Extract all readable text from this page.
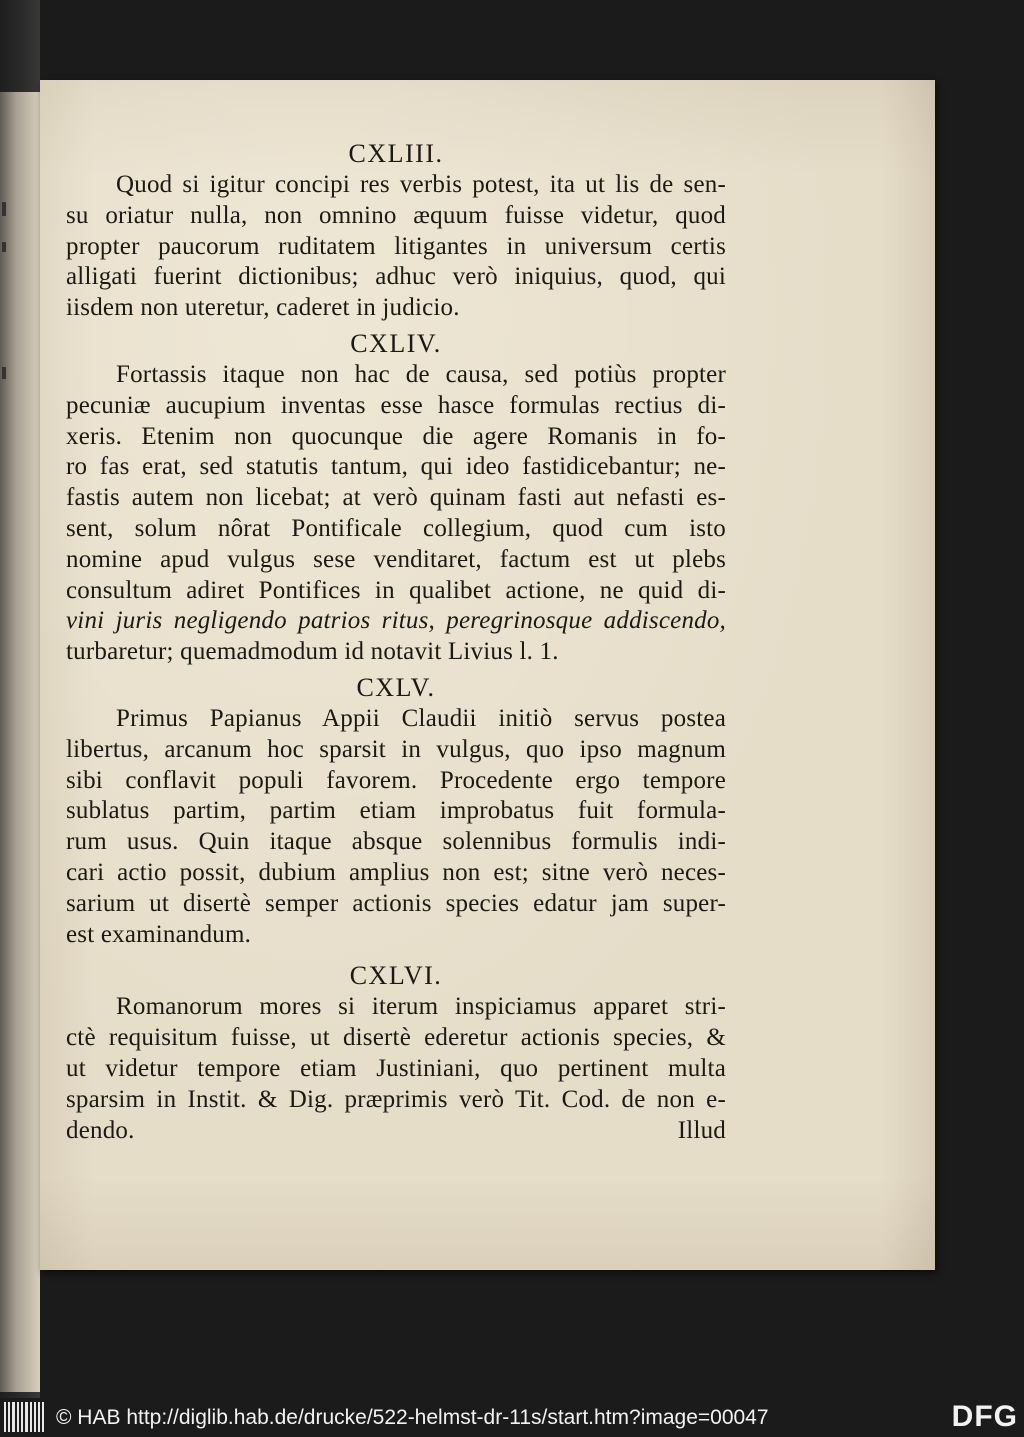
CXLIII.
Quod si igitur concipi res verbis potest, ita ut lis de sen-
su oriatur nulla, non omnino æquum fuisse videtur, quod
propter paucorum ruditatem litigantes in universum certis
alligati fuerint dictionibus; adhuc verò iniquius, quod, qui
iisdem non uteretur, caderet in judicio.
CXLIV.
Fortassis itaque non hac de causa, sed potiùs propter
pecuniæ aucupium inventas esse hasce formulas rectius di-
xeris. Etenim non quocunque die agere Romanis in fo-
ro fas erat, sed statutis tantum, qui ideo fastidicebantur; ne-
fastis autem non licebat; at verò quinam fasti aut nefasti es-
sent, solum nôrat Pontificale collegium, quod cum isto
nomine apud vulgus sese venditaret, factum est ut plebs
consultum adiret Pontifices in qualibet actione, ne quid di-
vini juris negligendo patrios ritus, peregrinosque addiscendo,
turbaretur; quemadmodum id notavit Livius l. 1.
CXLV.
Primus Papianus Appii Claudii initiò servus postea
libertus, arcanum hoc sparsit in vulgus, quo ipso magnum
sibi conflavit populi favorem. Procedente ergo tempore
sublatus partim, partim etiam improbatus fuit formula-
rum usus. Quin itaque absque solennibus formulis indi-
cari actio possit, dubium amplius non est; sitne verò neces-
sarium ut disertè semper actionis species edatur jam super-
est examinandum.
CXLVI.
Romanorum mores si iterum inspiciamus apparet stri-
ctè requisitum fuisse, ut disertè ederetur actionis species, &
ut videtur tempore etiam Justiniani, quo pertinent multa
sparsim in Instit. & Dig. præprimis verò Tit. Cod. de non e-
dendo.	Illud
© HAB http://diglib.hab.de/drucke/522-helmst-dr-11s/start.htm?image=00047	DFG
